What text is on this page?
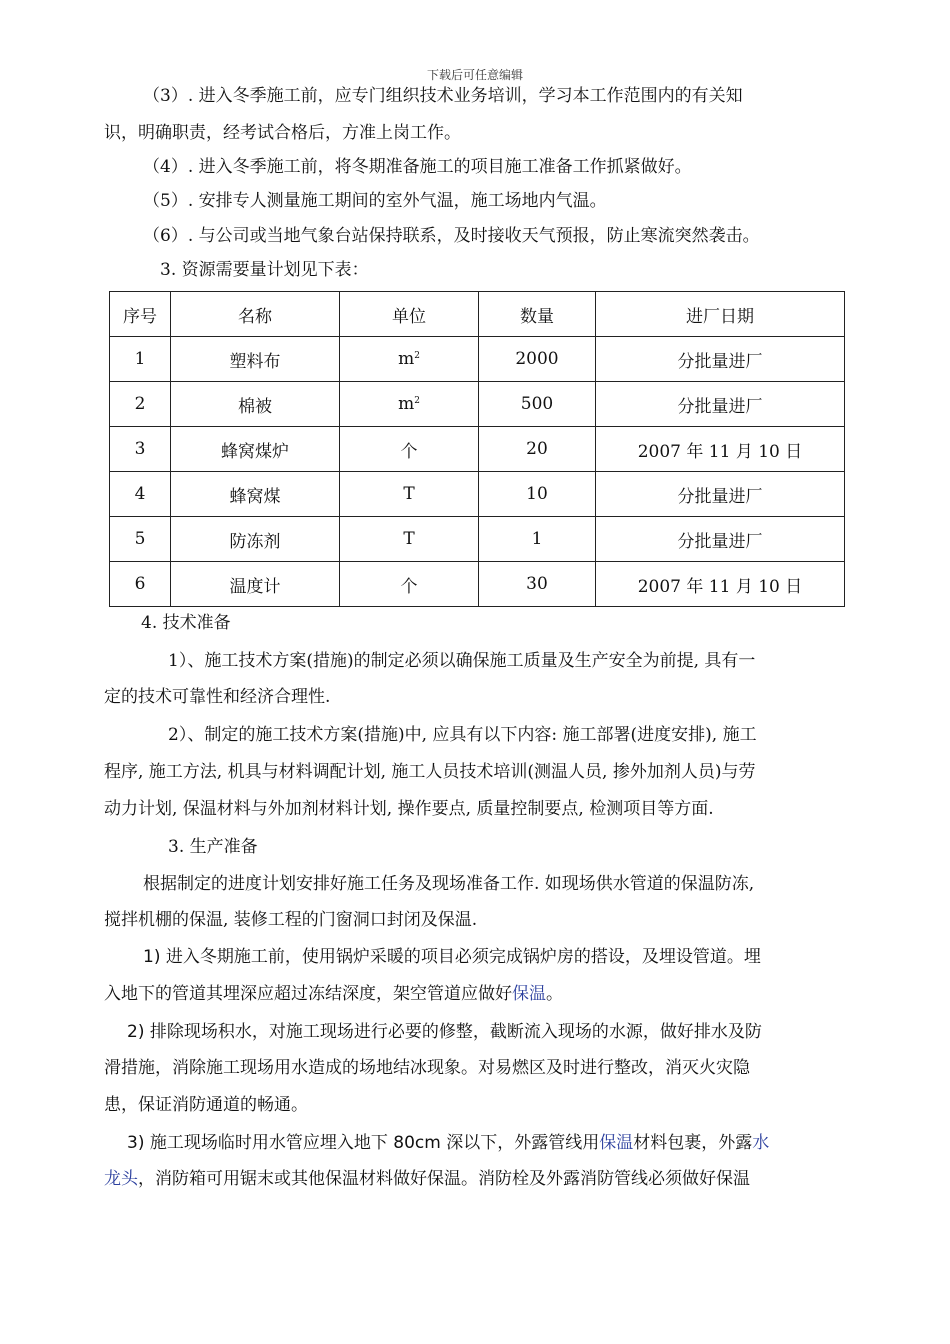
下载后可任意编辑
（3）. 进入冬季施工前，应专门组织技术业务培训，学习本工作范围内的有关知
识，明确职责，经考试合格后，方准上岗工作。
（4）. 进入冬季施工前，将冬期准备施工的项目施工准备工作抓紧做好。
（5）. 安排专人测量施工期间的室外气温，施工场地内气温。
（6）. 与公司或当地气象台站保持联系，及时接收天气预报，防止寒流突然袭击。
3. 资源需要量计划见下表：
序号	名称	单位	数量	进厂日期
1	塑料布	$m^2$	2000	分批量进厂
2	棉被	$m^2$	500	分批量进厂
3	蜂窝煤炉	个	20	2007 年 11 月 10 日
4	蜂窝煤	T	10	分批量进厂
5	防冻剂	T	1	分批量进厂
6	温度计	个	30	2007 年 11 月 10 日
4. 技术准备
1）、施工技术方案(措施)的制定必须以确保施工质量及生产安全为前提, 具有一
定的技术可靠性和经济合理性.
2）、制定的施工技术方案(措施)中, 应具有以下内容: 施工部署(进度安排), 施工
程序, 施工方法, 机具与材料调配计划, 施工人员技术培训(测温人员, 掺外加剂人员)与劳
动力计划, 保温材料与外加剂材料计划, 操作要点, 质量控制要点, 检测项目等方面.
3. 生产准备
根据制定的进度计划安排好施工任务及现场准备工作. 如现场供水管道的保温防冻,
搅拌机棚的保温, 装修工程的门窗洞口封闭及保温.
1) 进入冬期施工前，使用锅炉采暖的项目必须完成锅炉房的搭设，及埋设管道。埋
入地下的管道其埋深应超过冻结深度，架空管道应做好保温。
2) 排除现场积水，对施工现场进行必要的修整，截断流入现场的水源，做好排水及防
滑措施，消除施工现场用水造成的场地结冰现象。对易燃区及时进行整改，消灭火灾隐
患，保证消防通道的畅通。
3) 施工现场临时用水管应埋入地下 80cm 深以下，外露管线用保温材料包裹，外露水
龙头，消防箱可用锯末或其他保温材料做好保温。消防栓及外露消防管线必须做好保温
